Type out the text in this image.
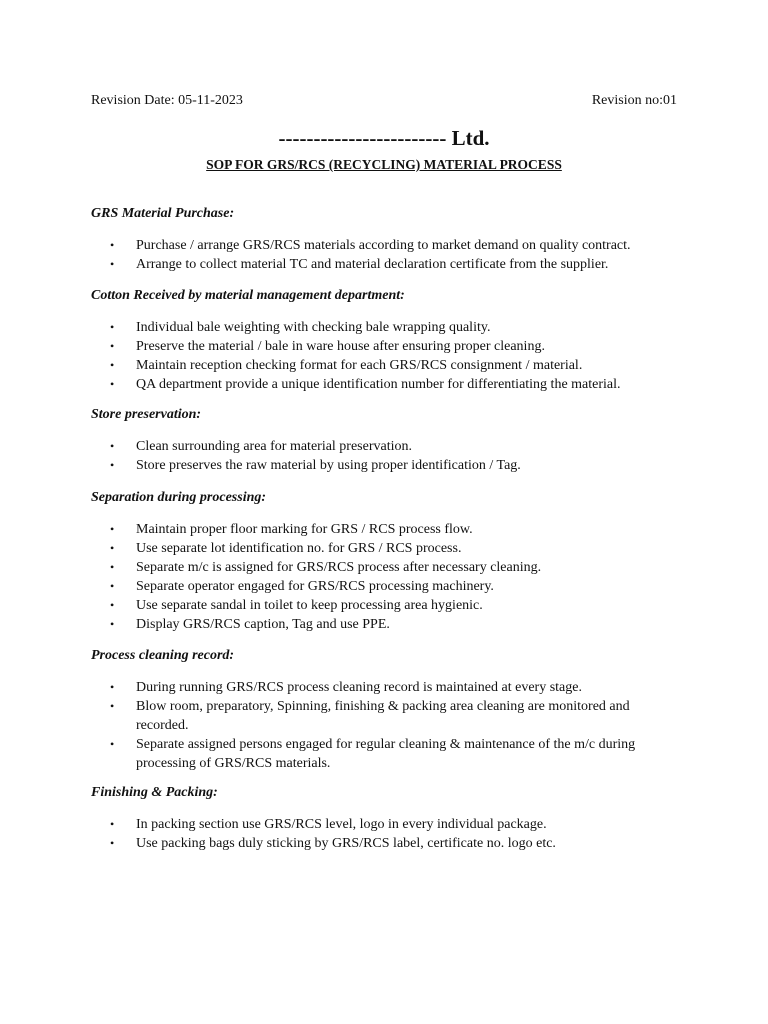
Revision Date: 05-11-2023	Revision no:01
------------------------ Ltd.
SOP FOR GRS/RCS (RECYCLING) MATERIAL PROCESS

GRS Material Purchase:

• Purchase / arrange GRS/RCS materials according to market demand on quality contract.
• Arrange to collect material TC and material declaration certificate from the supplier.

Cotton Received by material management department:

• Individual bale weighting with checking bale wrapping quality.
• Preserve the material / bale in ware house after ensuring proper cleaning.
• Maintain reception checking format for each GRS/RCS consignment / material.
• QA department provide a unique identification number for differentiating the material.

Store preservation:

• Clean surrounding area for material preservation.
• Store preserves the raw material by using proper identification / Tag.

Separation during processing:

• Maintain proper floor marking for GRS / RCS process flow.
• Use separate lot identification no. for GRS / RCS process.
• Separate m/c is assigned for GRS/RCS process after necessary cleaning.
• Separate operator engaged for GRS/RCS processing machinery.
• Use separate sandal in toilet to keep processing area hygienic.
• Display GRS/RCS caption, Tag and use PPE.

Process cleaning record:

• During running GRS/RCS process cleaning record is maintained at every stage.
• Blow room, preparatory, Spinning, finishing & packing area cleaning are monitored and recorded.
• Separate assigned persons engaged for regular cleaning & maintenance of the m/c during processing of GRS/RCS materials.

Finishing & Packing:

• In packing section use GRS/RCS level, logo in every individual package.
• Use packing bags duly sticking by GRS/RCS label, certificate no. logo etc.
